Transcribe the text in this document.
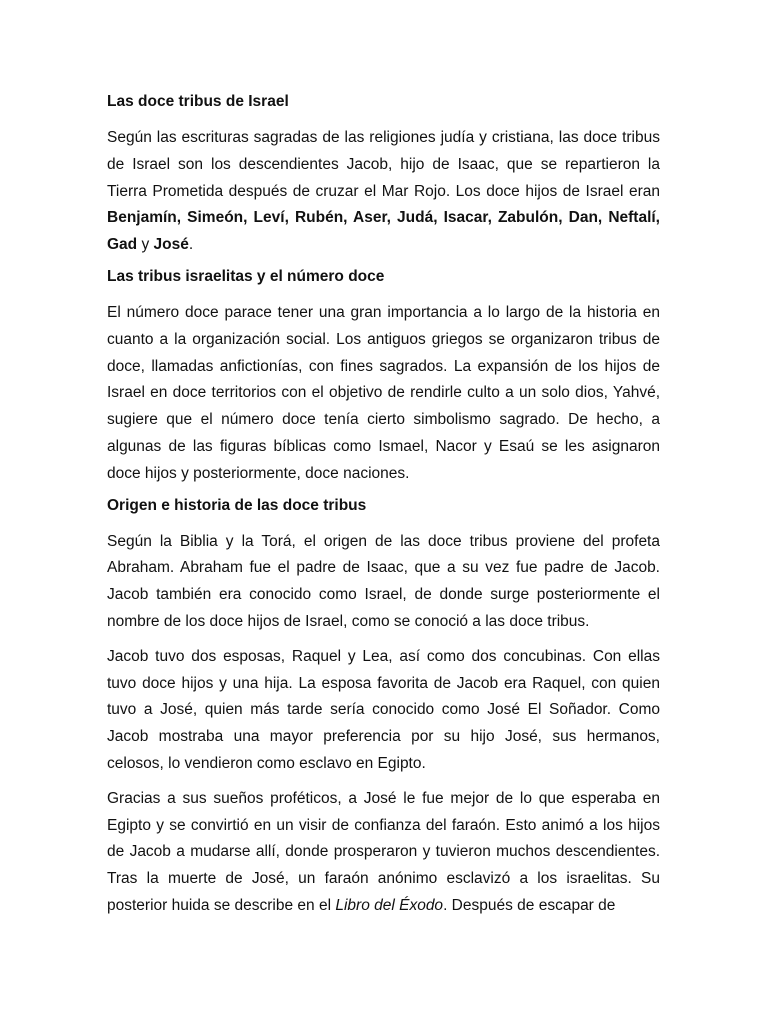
Las doce tribus de Israel

Según las escrituras sagradas de las religiones judía y cristiana, las doce tribus de Israel son los descendientes Jacob, hijo de Isaac, que se repartieron la Tierra Prometida después de cruzar el Mar Rojo. Los doce hijos de Israel eran Benjamín, Simeón, Leví, Rubén, Aser, Judá, Isacar, Zabulón, Dan, Neftalí, Gad y José.

Las tribus israelitas y el número doce

El número doce parace tener una gran importancia a lo largo de la historia en cuanto a la organización social. Los antiguos griegos se organizaron tribus de doce, llamadas anfictionías, con fines sagrados. La expansión de los hijos de Israel en doce territorios con el objetivo de rendirle culto a un solo dios, Yahvé, sugiere que el número doce tenía cierto simbolismo sagrado. De hecho, a algunas de las figuras bíblicas como Ismael, Nacor y Esaú se les asignaron doce hijos y posteriormente, doce naciones.

Origen e historia de las doce tribus

Según la Biblia y la Torá, el origen de las doce tribus proviene del profeta Abraham. Abraham fue el padre de Isaac, que a su vez fue padre de Jacob. Jacob también era conocido como Israel, de donde surge posteriormente el nombre de los doce hijos de Israel, como se conoció a las doce tribus.

Jacob tuvo dos esposas, Raquel y Lea, así como dos concubinas. Con ellas tuvo doce hijos y una hija. La esposa favorita de Jacob era Raquel, con quien tuvo a José, quien más tarde sería conocido como José El Soñador. Como Jacob mostraba una mayor preferencia por su hijo José, sus hermanos, celosos, lo vendieron como esclavo en Egipto.

Gracias a sus sueños proféticos, a José le fue mejor de lo que esperaba en Egipto y se convirtió en un visir de confianza del faraón. Esto animó a los hijos de Jacob a mudarse allí, donde prosperaron y tuvieron muchos descendientes. Tras la muerte de José, un faraón anónimo esclavizó a los israelitas. Su posterior huida se describe en el Libro del Éxodo. Después de escapar de
